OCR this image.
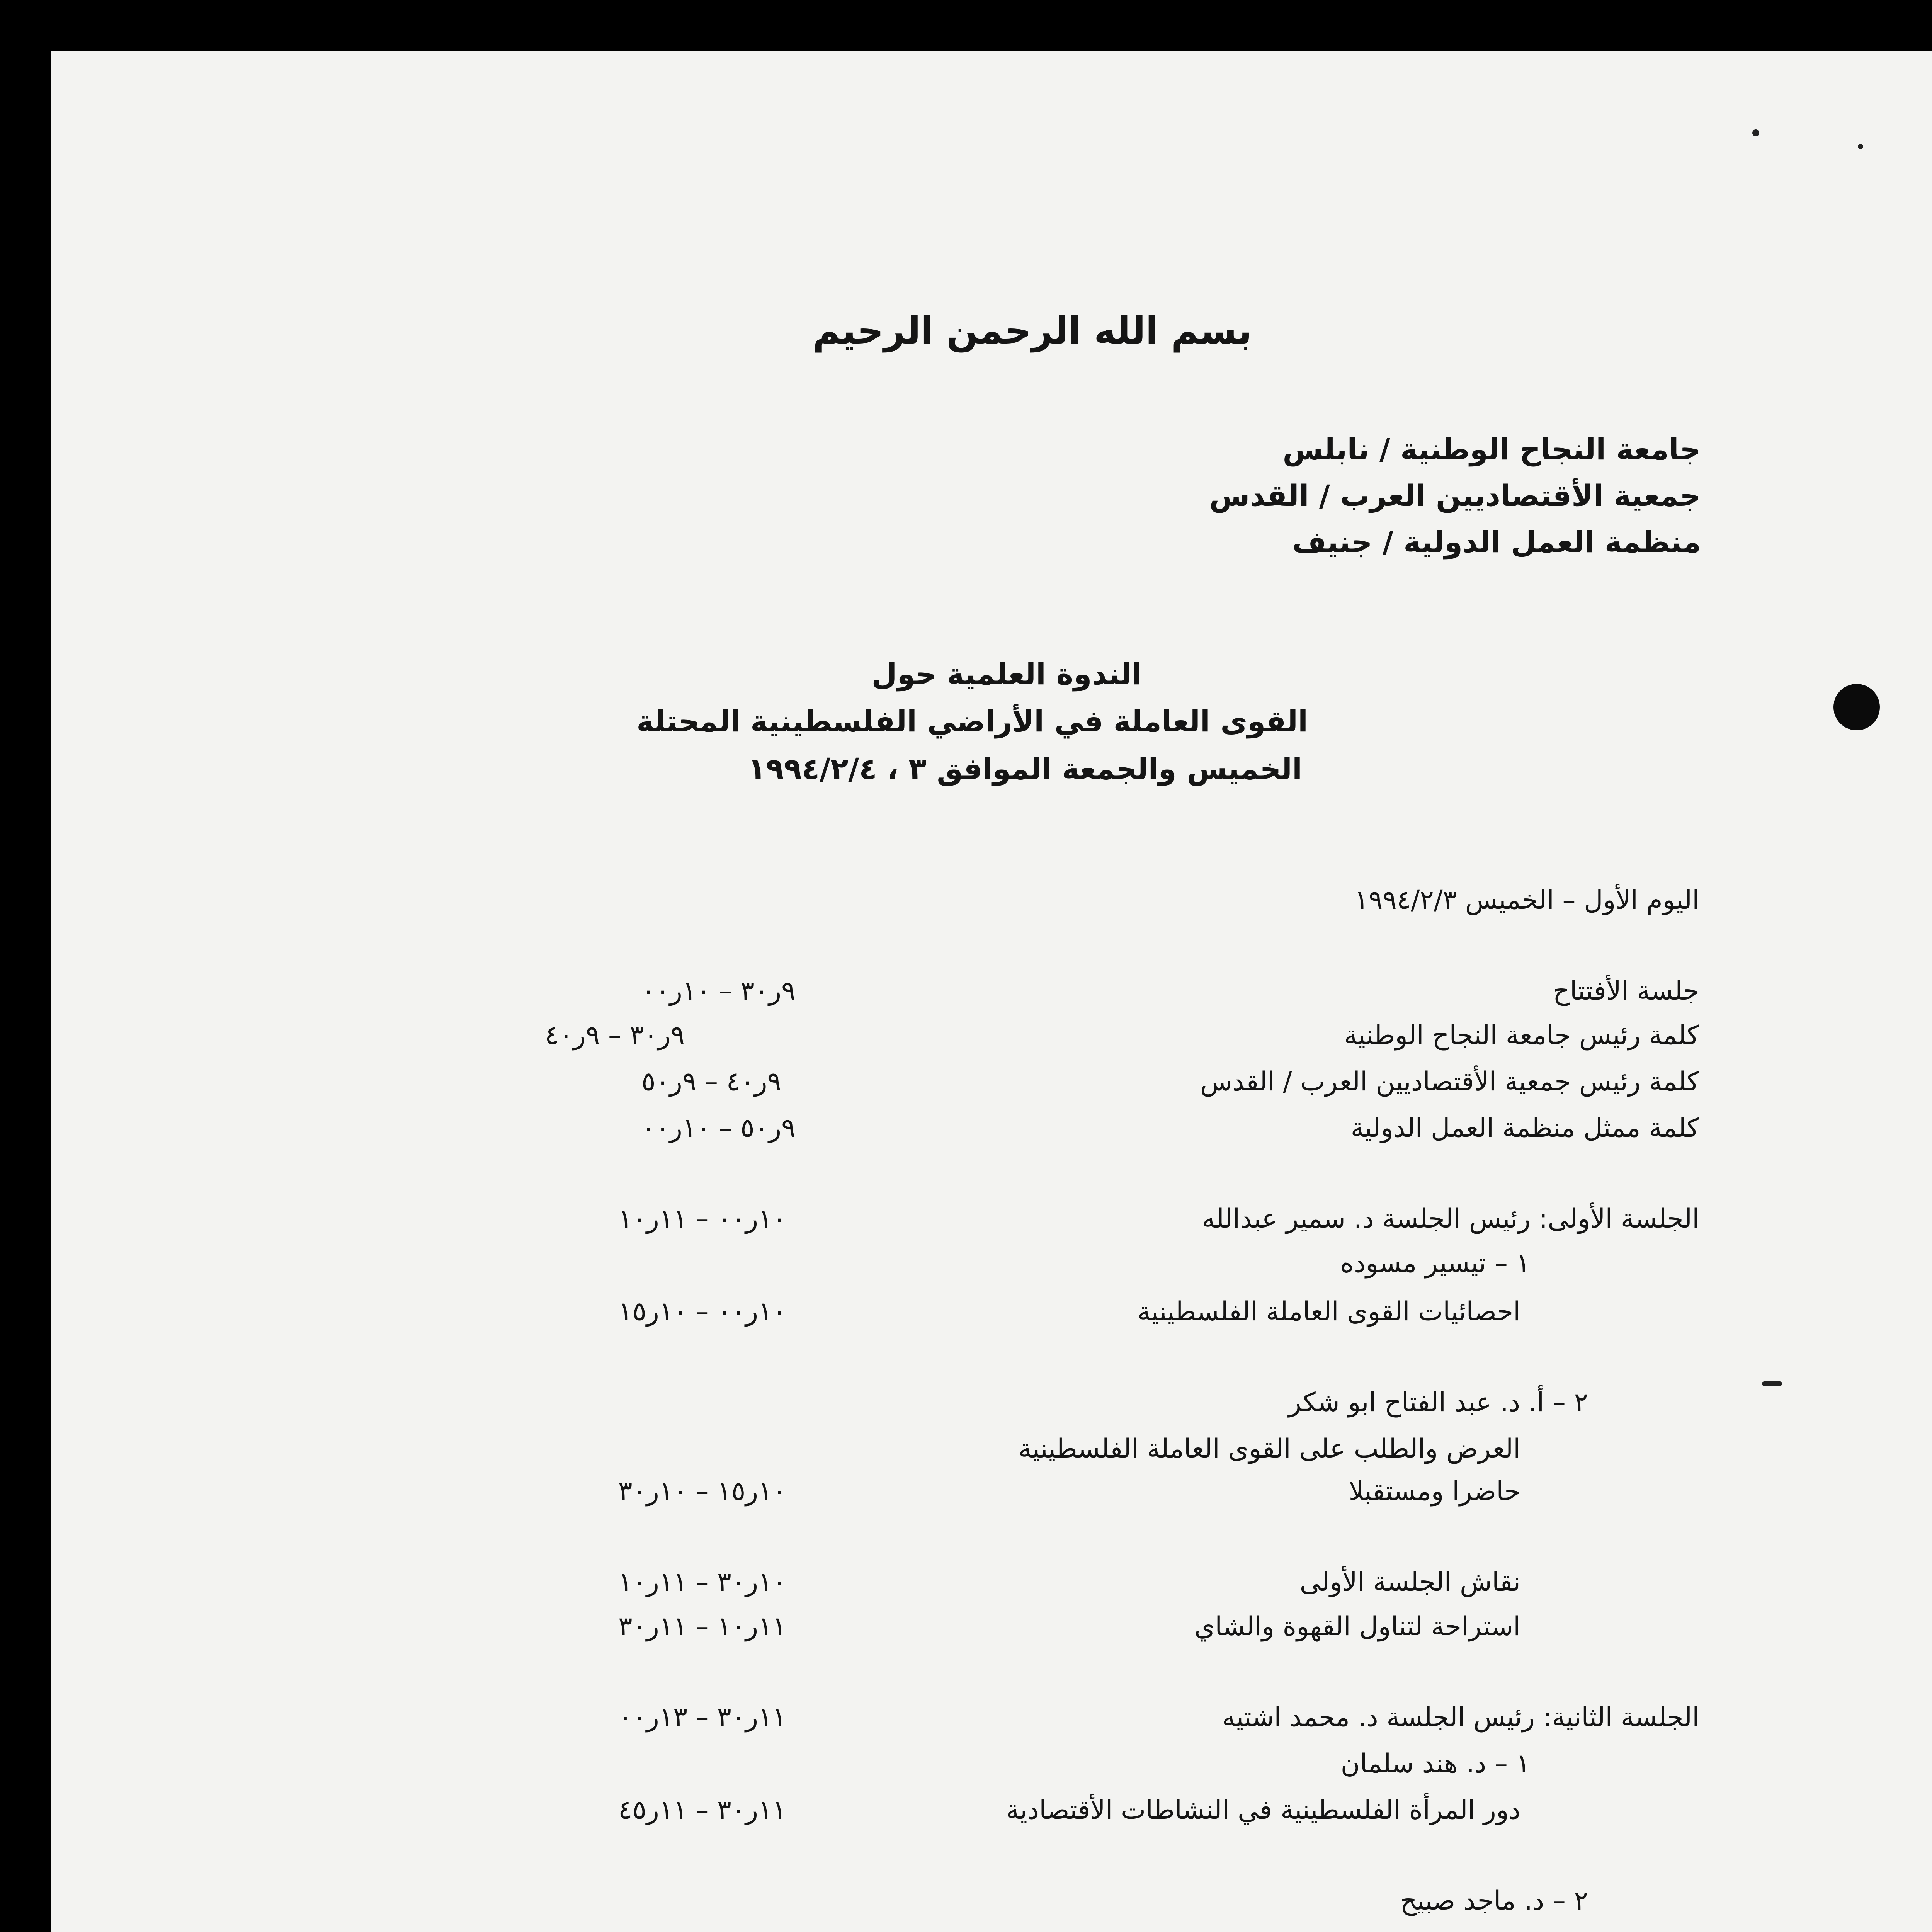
بسم الله الرحمن الرحيم
جامعة النجاح الوطنية / نابلس
جمعية الأقتصاديين العرب / القدس
منظمة العمل الدولية / جنيف
الندوة العلمية حول
القوى العاملة في الأراضي الفلسطينية المحتلة
الخميس والجمعة الموافق ٣ ، ١٩٩٤/٢/٤
اليوم الأول – الخميس ١٩٩٤/٢/٣
جلسة الأفتتاح
٩ر٣٠ – ١٠ر٠٠
كلمة رئيس جامعة النجاح الوطنية
٩ر٣٠ – ٩ر٤٠
كلمة رئيس جمعية الأقتصاديين العرب / القدس
٩ر٤٠ – ٩ر٥٠
كلمة ممثل منظمة العمل الدولية
٩ر٥٠ – ١٠ر٠٠
الجلسة الأولى: رئيس الجلسة د. سمير عبدالله
١٠ر٠٠ – ١١ر١٠
١ – تيسير مسوده
احصائيات القوى العاملة الفلسطينية
١٠ر٠٠ – ١٠ر١٥
٢ – أ. د. عبد الفتاح ابو شكر
العرض والطلب على القوى العاملة الفلسطينية
حاضرا ومستقبلا
١٠ر١٥ – ١٠ر٣٠
نقاش الجلسة الأولى
١٠ر٣٠ – ١١ر١٠
استراحة لتناول القهوة والشاي
١١ر١٠ – ١١ر٣٠
الجلسة الثانية: رئيس الجلسة د. محمد اشتيه
١١ر٣٠ – ١٣ر٠٠
١ – د. هند سلمان
دور المرأة الفلسطينية في النشاطات الأقتصادية
١١ر٣٠ – ١١ر٤٥
٢ – د. ماجد صبيح
